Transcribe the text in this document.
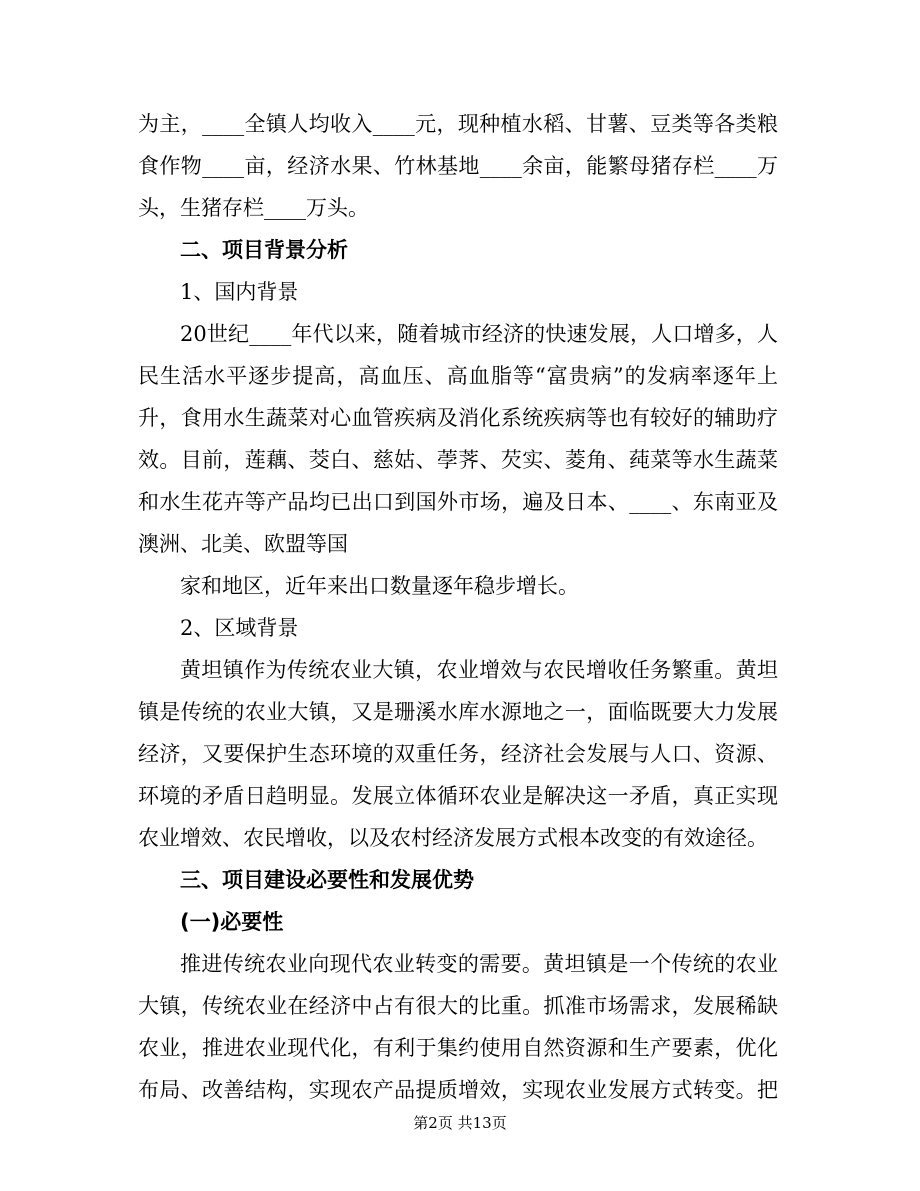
为主，____全镇人均收入____元，现种植水稻、甘薯、豆类等各类粮
食作物____亩，经济水果、竹林基地____余亩，能繁母猪存栏____万
头，生猪存栏____万头。
二、项目背景分析
1、国内背景
20世纪____年代以来，随着城市经济的快速发展，人口增多，人
民生活水平逐步提高，高血压、高血脂等“富贵病”的发病率逐年上
升，食用水生蔬菜对心血管疾病及消化系统疾病等也有较好的辅助疗
效。目前，莲藕、茭白、慈姑、荸荠、芡实、菱角、莼菜等水生蔬菜
和水生花卉等产品均已出口到国外市场，遍及日本、____、东南亚及
澳洲、北美、欧盟等国
家和地区，近年来出口数量逐年稳步增长。
2、区域背景
黄坦镇作为传统农业大镇，农业增效与农民增收任务繁重。黄坦
镇是传统的农业大镇，又是珊溪水库水源地之一，面临既要大力发展
经济，又要保护生态环境的双重任务，经济社会发展与人口、资源、
环境的矛盾日趋明显。发展立体循环农业是解决这一矛盾，真正实现
农业增效、农民增收，以及农村经济发展方式根本改变的有效途径。
三、项目建设必要性和发展优势
(一)必要性
推进传统农业向现代农业转变的需要。黄坦镇是一个传统的农业
大镇，传统农业在经济中占有很大的比重。抓准市场需求，发展稀缺
农业，推进农业现代化，有利于集约使用自然资源和生产要素，优化
布局、改善结构，实现农产品提质增效，实现农业发展方式转变。把
第2页 共13页
